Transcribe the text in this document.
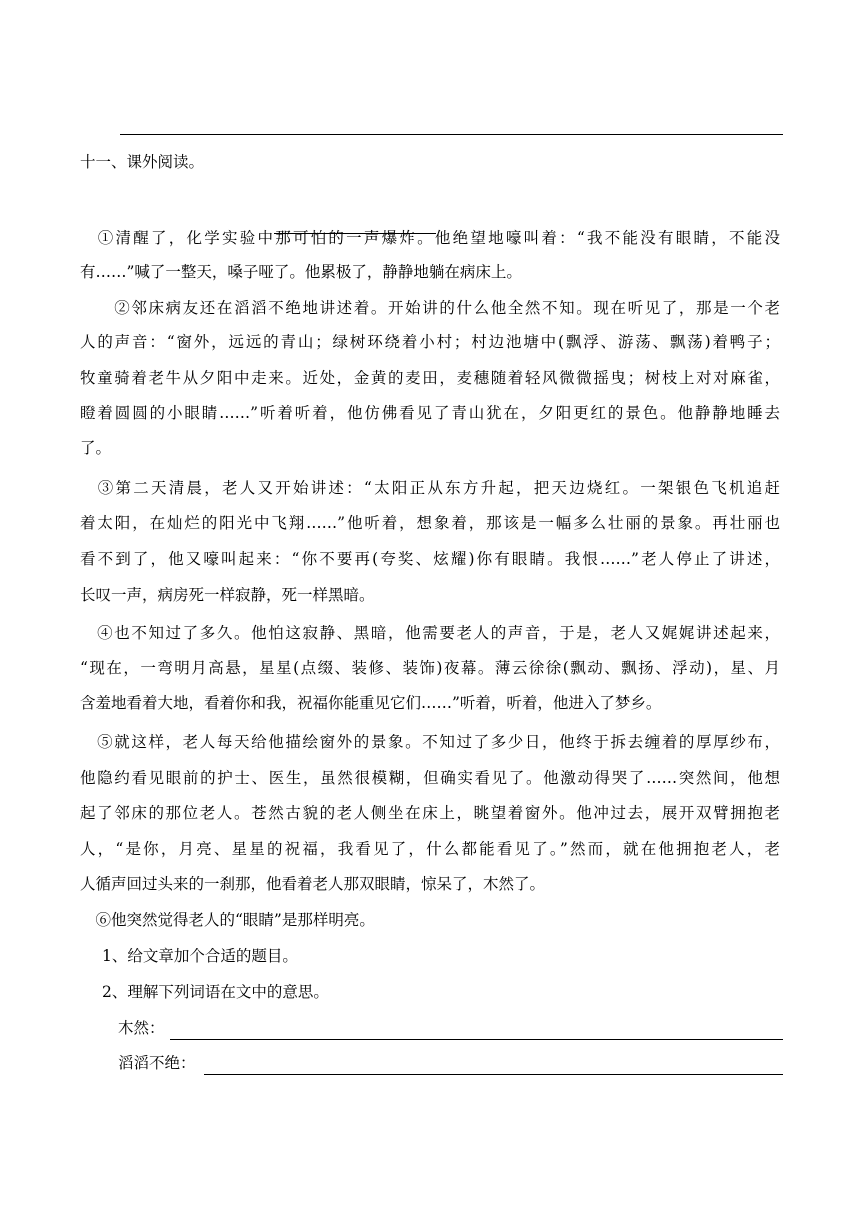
十一、课外阅读。
　①清醒了，化学实验中那可怕的一声爆炸。他绝望地嚎叫着：“我不能没有眼睛，不能没
有……”喊了一整天，嗓子哑了。他累极了，静静地躺在病床上。
　　②邻床病友还在滔滔不绝地讲述着。开始讲的什么他全然不知。现在听见了，那是一个老
人的声音：“窗外，远远的青山；绿树环绕着小村；村边池塘中(飘浮、游荡、飘荡)着鸭子；
牧童骑着老牛从夕阳中走来。近处，金黄的麦田，麦穗随着轻风微微摇曳；树枝上对对麻雀，
瞪着圆圆的小眼睛……”听着听着，他仿佛看见了青山犹在，夕阳更红的景色。他静静地睡去
了。
　③第二天清晨，老人又开始讲述：“太阳正从东方升起，把天边烧红。一架银色飞机追赶
着太阳，在灿烂的阳光中飞翔……”他听着，想象着，那该是一幅多么壮丽的景象。再壮丽也
看不到了，他又嚎叫起来：“你不要再(夸奖、炫耀)你有眼睛。我恨……”老人停止了讲述，
长叹一声，病房死一样寂静，死一样黑暗。
　④也不知过了多久。他怕这寂静、黑暗，他需要老人的声音，于是，老人又娓娓讲述起来，
“现在，一弯明月高悬，星星(点缀、装修、装饰)夜幕。薄云徐徐(飘动、飘扬、浮动)，星、月
含羞地看着大地，看着你和我，祝福你能重见它们……”听着，听着，他进入了梦乡。
　⑤就这样，老人每天给他描绘窗外的景象。不知过了多少日，他终于拆去缠着的厚厚纱布，
他隐约看见眼前的护士、医生，虽然很模糊，但确实看见了。他激动得哭了……突然间，他想
起了邻床的那位老人。苍然古貌的老人侧坐在床上，眺望着窗外。他冲过去，展开双臂拥抱老
人，“是你，月亮、星星的祝福，我看见了，什么都能看见了。”然而，就在他拥抱老人，老
人循声回过头来的一刹那，他看着老人那双眼睛，惊呆了，木然了。
　⑥他突然觉得老人的“眼睛”是那样明亮。
1、给文章加个合适的题目。
2、理解下列词语在文中的意思。
木然：
滔滔不绝：
